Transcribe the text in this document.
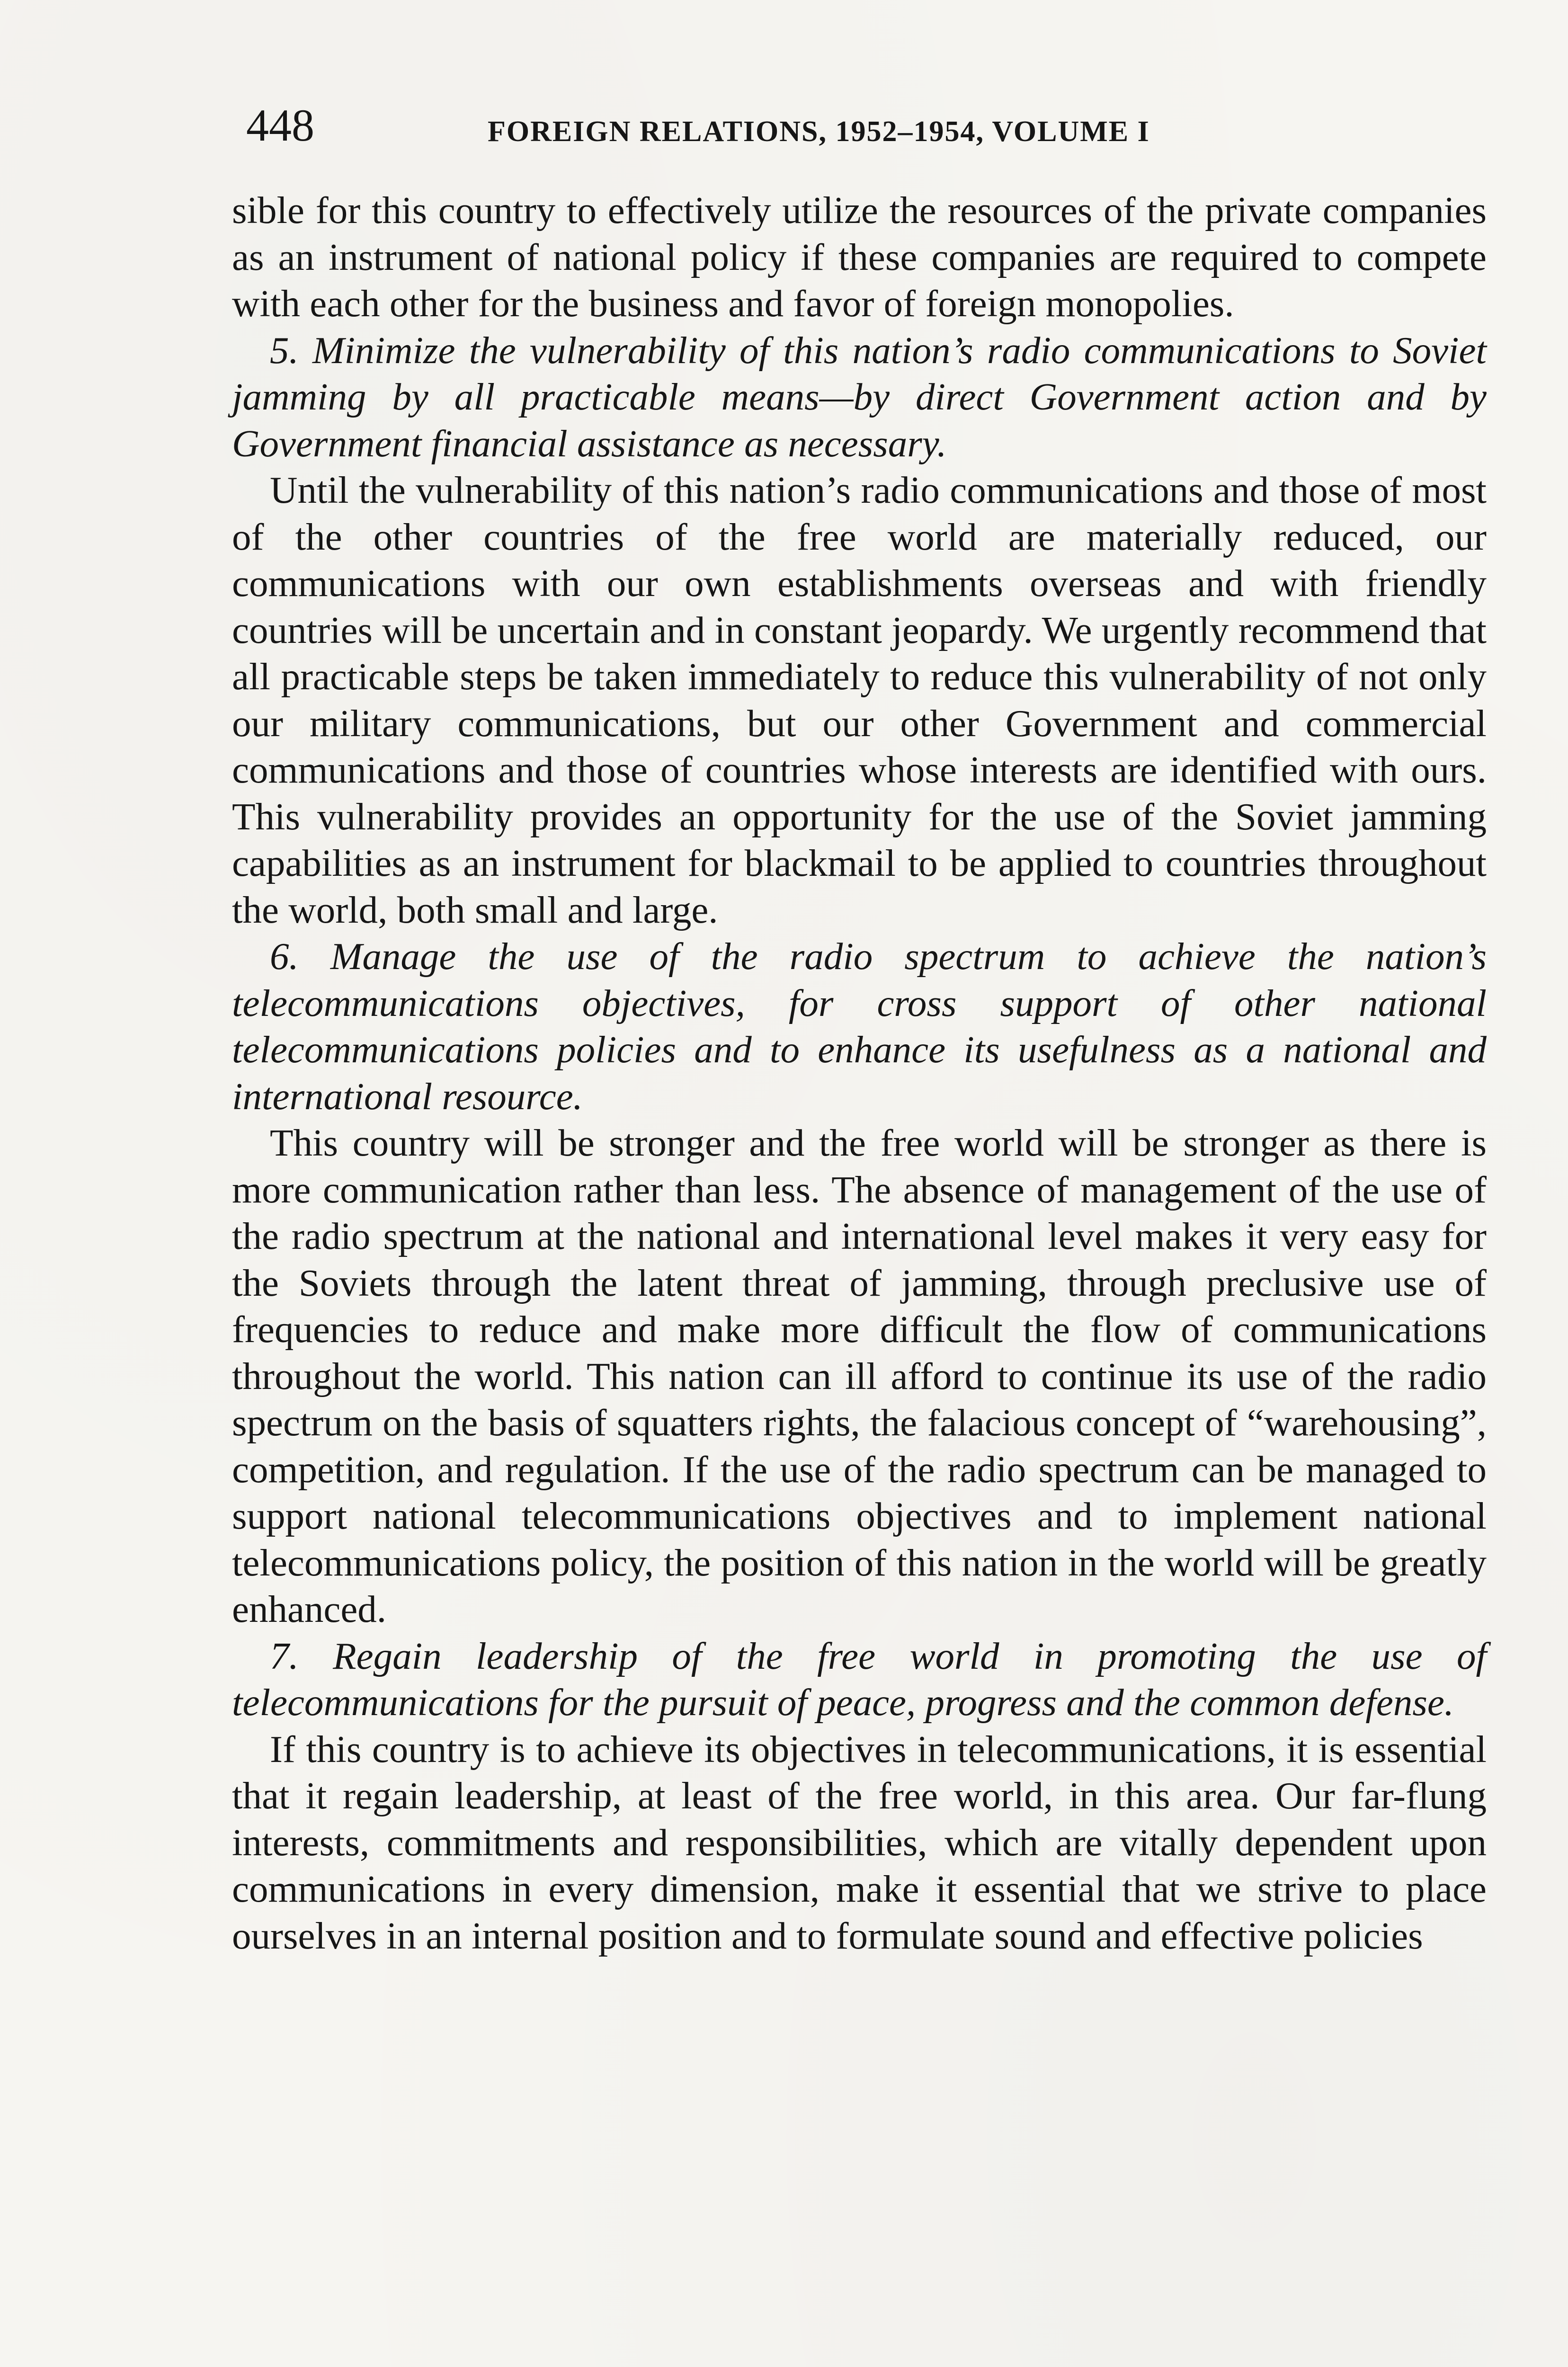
448	FOREIGN RELATIONS, 1952–1954, VOLUME I

sible for this country to effectively utilize the resources of the private companies as an instrument of national policy if these companies are required to compete with each other for the business and favor of foreign monopolies.

5. Minimize the vulnerability of this nation’s radio communications to Soviet jamming by all practicable means—by direct Government action and by Government financial assistance as necessary.

Until the vulnerability of this nation’s radio communications and those of most of the other countries of the free world are materially reduced, our communications with our own establishments overseas and with friendly countries will be uncertain and in constant jeopardy. We urgently recommend that all practicable steps be taken immediately to reduce this vulnerability of not only our military communications, but our other Government and commercial communications and those of countries whose interests are identified with ours. This vulnerability provides an opportunity for the use of the Soviet jamming capabilities as an instrument for blackmail to be applied to countries throughout the world, both small and large.

6. Manage the use of the radio spectrum to achieve the nation’s telecommunications objectives, for cross support of other national telecommunications policies and to enhance its usefulness as a national and international resource.

This country will be stronger and the free world will be stronger as there is more communication rather than less. The absence of management of the use of the radio spectrum at the national and international level makes it very easy for the Soviets through the latent threat of jamming, through preclusive use of frequencies to reduce and make more difficult the flow of communications throughout the world. This nation can ill afford to continue its use of the radio spectrum on the basis of squatters rights, the falacious concept of “warehousing”, competition, and regulation. If the use of the radio spectrum can be managed to support national telecommunications objectives and to implement national telecommunications policy, the position of this nation in the world will be greatly enhanced.

7. Regain leadership of the free world in promoting the use of telecommunications for the pursuit of peace, progress and the common defense.

If this country is to achieve its objectives in telecommunications, it is essential that it regain leadership, at least of the free world, in this area. Our far-flung interests, commitments and responsibilities, which are vitally dependent upon communications in every dimension, make it essential that we strive to place ourselves in an internal position and to formulate sound and effective policies
